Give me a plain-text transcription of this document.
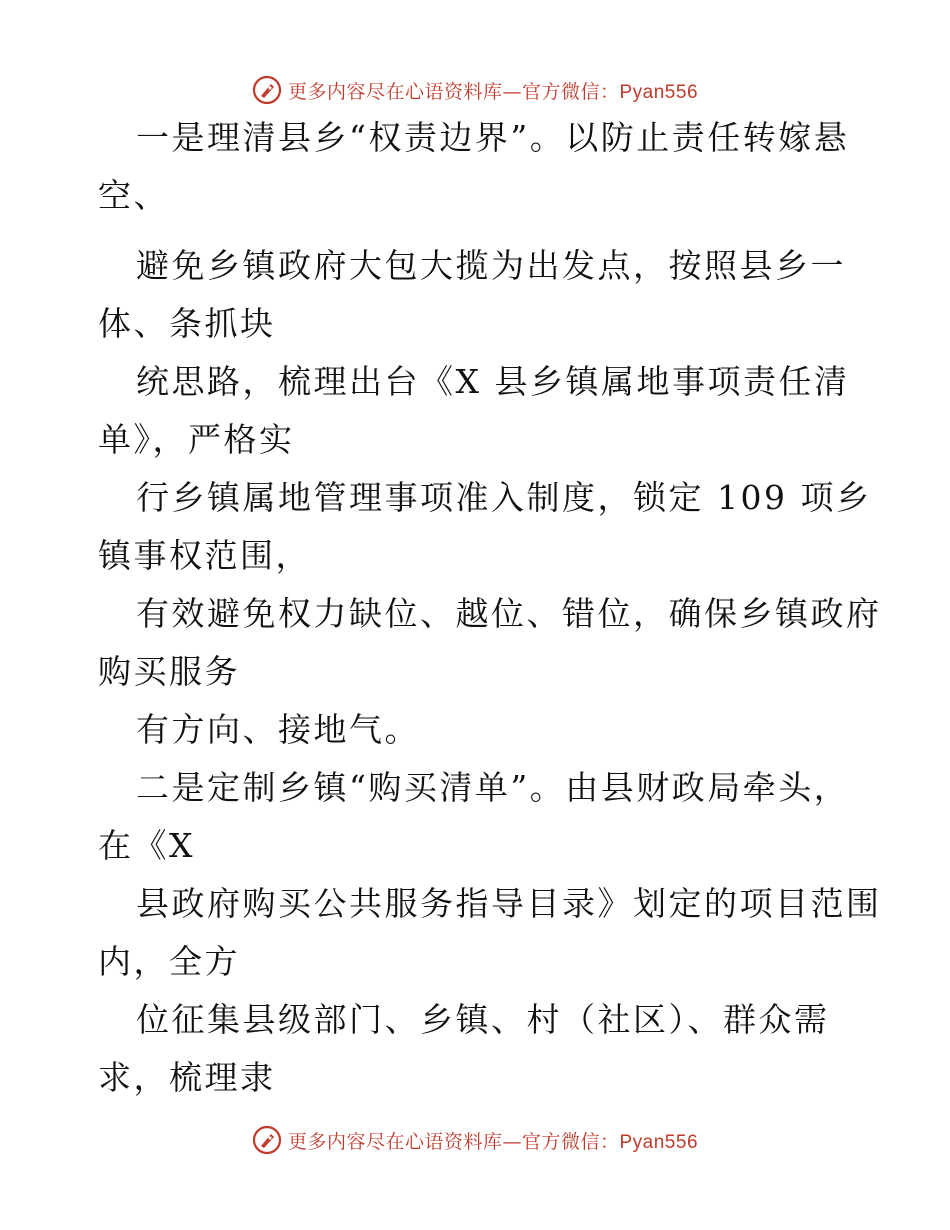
更多内容尽在心语资料库—官方微信：Pyan556
一是理清县乡“权责边界”。以防止责任转嫁悬
空、
避免乡镇政府大包大揽为出发点，按照县乡一
体、条抓块
统思路，梳理出台《X 县乡镇属地事项责任清
单》，严格实
行乡镇属地管理事项准入制度，锁定 109 项乡
镇事权范围，
有效避免权力缺位、越位、错位，确保乡镇政府
购买服务
有方向、接地气。
二是定制乡镇“购买清单”。由县财政局牵头，
在《X
县政府购买公共服务指导目录》划定的项目范围
内，全方
位征集县级部门、乡镇、村（社区）、群众需
求，梳理隶
更多内容尽在心语资料库—官方微信：Pyan556
